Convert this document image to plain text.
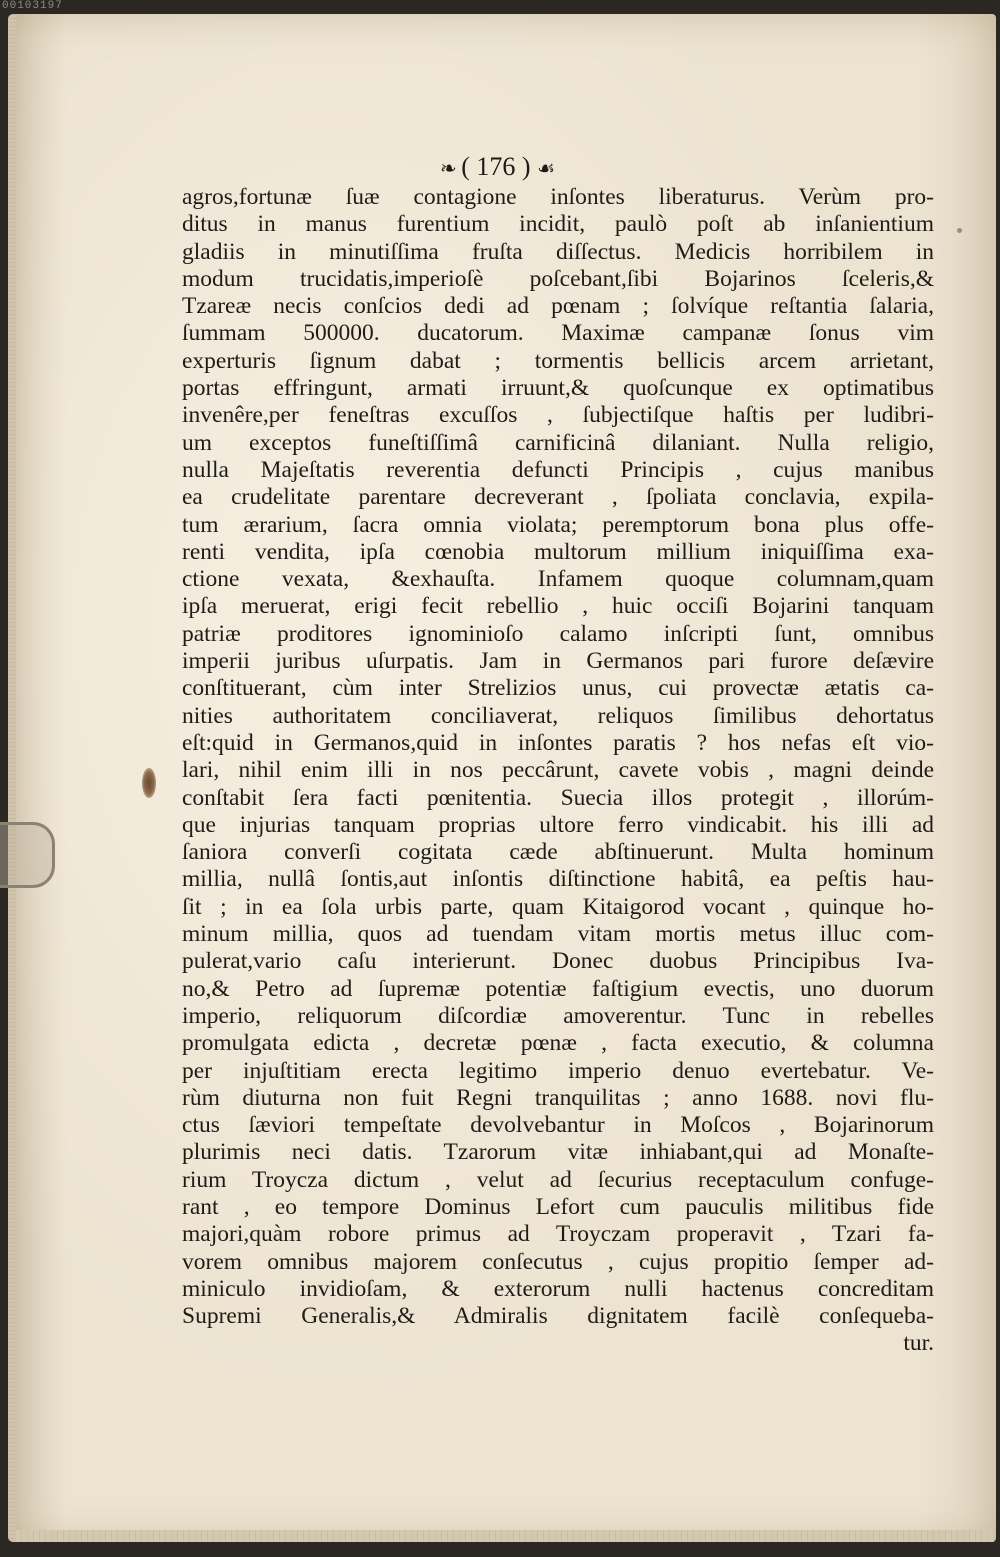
00103197
❧ ( 176 ) ☙
agros,fortunæ ſuæ contagione inſontes liberaturus. Verùm pro-
ditus in manus furentium incidit, paulò poſt ab inſanientium
gladiis in minutiſſima fruſta diſſectus. Medicis horribilem in
modum trucidatis,imperioſè poſcebant,ſibi Bojarinos ſceleris,&
Tzareæ necis conſcios dedi ad pœnam ; ſolvíque reſtantia ſalaria,
ſummam 500000. ducatorum. Maximæ campanæ ſonus vim
experturis ſignum dabat ; tormentis bellicis arcem arrietant,
portas effringunt, armati irruunt,& quoſcunque ex optimatibus
invenêre,per feneſtras excuſſos , ſubjectiſque haſtis per ludibri-
um exceptos funeſtiſſimâ carnificinâ dilaniant. Nulla religio,
nulla Majeſtatis reverentia defuncti Principis , cujus manibus
ea crudelitate parentare decreverant , ſpoliata conclavia, expila-
tum ærarium, ſacra omnia violata; peremptorum bona plus offe-
renti vendita, ipſa cœnobia multorum millium iniquiſſima exa-
ctione vexata, &exhauſta. Infamem quoque columnam,quam
ipſa meruerat, erigi fecit rebellio , huic occiſi Bojarini tanquam
patriæ proditores ignominioſo calamo inſcripti ſunt, omnibus
imperii juribus uſurpatis. Jam in Germanos pari furore deſævire
conſtituerant, cùm inter Strelizios unus, cui provectæ ætatis ca-
nities authoritatem conciliaverat, reliquos ſimilibus dehortatus
eſt:quid in Germanos,quid in inſontes paratis ? hos nefas eſt vio-
lari, nihil enim illi in nos peccârunt, cavete vobis , magni deinde
conſtabit ſera facti pœnitentia. Suecia illos protegit , illorúm-
que injurias tanquam proprias ultore ferro vindicabit. his illi ad
ſaniora converſi cogitata cæde abſtinuerunt. Multa hominum
millia, nullâ ſontis,aut inſontis diſtinctione habitâ, ea peſtis hau-
ſit ; in ea ſola urbis parte, quam Kitaigorod vocant , quinque ho-
minum millia, quos ad tuendam vitam mortis metus illuc com-
pulerat,vario caſu interierunt. Donec duobus Principibus Iva-
no,& Petro ad ſupremæ potentiæ faſtigium evectis, uno duorum
imperio, reliquorum diſcordiæ amoverentur. Tunc in rebelles
promulgata edicta , decretæ pœnæ , facta executio, & columna
per injuſtitiam erecta legitimo imperio denuo evertebatur. Ve-
rùm diuturna non fuit Regni tranquilitas ; anno 1688. novi flu-
ctus ſæviori tempeſtate devolvebantur in Moſcos , Bojarinorum
plurimis neci datis. Tzarorum vitæ inhiabant,qui ad Monaſte-
rium Troycza dictum , velut ad ſecurius receptaculum confuge-
rant , eo tempore Dominus Lefort cum pauculis militibus fide
majori,quàm robore primus ad Troyczam properavit , Tzari fa-
vorem omnibus majorem conſecutus , cujus propitio ſemper ad-
miniculo invidioſam, & exterorum nulli hactenus concreditam
Supremi Generalis,& Admiralis dignitatem facilè conſequeba-
tur.
